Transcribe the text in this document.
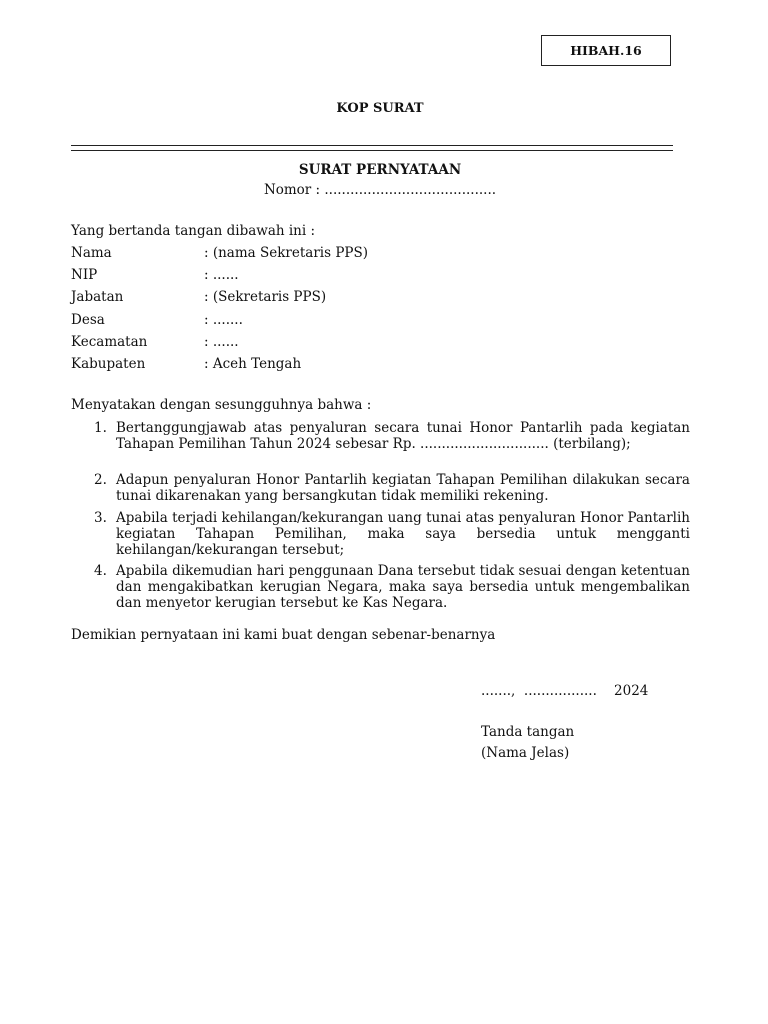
HIBAH.16
KOP SURAT
SURAT PERNYATAAN
Nomor : ........................................
Yang bertanda tangan dibawah ini :
Nama	: (nama Sekretaris PPS)
NIP	: ......
Jabatan	: (Sekretaris PPS)
Desa	: .......
Kecamatan	: ......
Kabupaten	: Aceh Tengah
Menyatakan dengan sesungguhnya bahwa :
1. Bertanggungjawab atas penyaluran secara tunai Honor Pantarlih pada kegiatan Tahapan Pemilihan Tahun 2024 sebesar Rp. .............................. (terbilang);
2. Adapun penyaluran Honor Pantarlih kegiatan Tahapan Pemilihan dilakukan secara tunai dikarenakan yang bersangkutan tidak memiliki rekening.
3. Apabila terjadi kehilangan/kekurangan uang tunai atas penyaluran Honor Pantarlih kegiatan Tahapan Pemilihan, maka saya bersedia untuk mengganti kehilangan/kekurangan tersebut;
4. Apabila dikemudian hari penggunaan Dana tersebut tidak sesuai dengan ketentuan dan mengakibatkan kerugian Negara, maka saya bersedia untuk mengembalikan dan menyetor kerugian tersebut ke Kas Negara.
Demikian pernyataan ini kami buat dengan sebenar-benarnya
.......,  .................    2024
Tanda tangan
(Nama Jelas)
